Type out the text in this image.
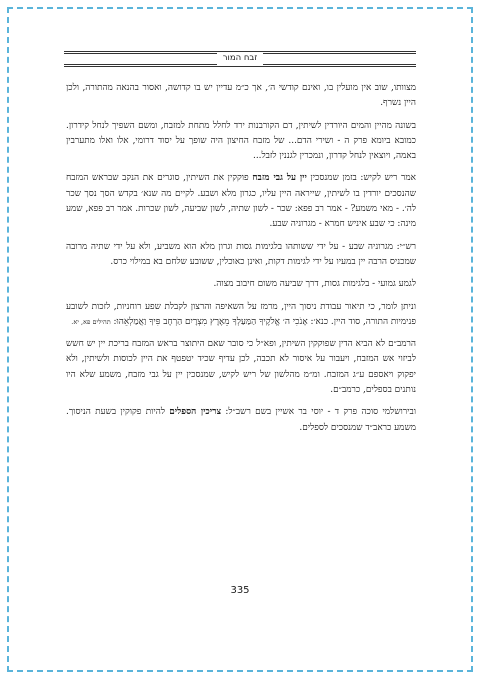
זבח המור

מצוותו, שוב אין מועלין בו, ואינם קודשי ה׳, אך כ״מ עדיין יש בו קדושה, ואסור בהנאה מהתורה, ולכן היין נשרף.

בשונה מהיין והמים היורדין לשיתין, דם הקורבנות ירד לחלל מתחת למזבח, ומשם השפיך לנחל קידרון. כמובא ביומא פרק ה - ושירי הדם... של מזבח החיצון היה שופך על יסוד דרומי, אלו ואלו מתערבין באמה, ויוצאין לנחל קדרון, ונמכרין לגננין לזבל...

אמר ריש לקיש: בזמן שמנסכין יין על גבי מזבח פוקקין את השיתין, סוגרים את הנקב שבראש המזבח שהנסכים יורדין בו לשיתין, שייראה היין עליו, כגרון מלא ושבע. לקיים מה שנא׳ בקדש הסך נסך שכר לה׳. - מאי משמע? - אמר רב פפא: שכר - לשון שתיה, לשון שביעה, לשון שכרות. אמר רב פפא, שמע מינה: כי שבע איניש חמרא - מגרוניה שבע.

רש״י: מגרוניה שבע - על ידי ששותהו בלגימות גסות וגרון מלא הוא משביע, ולא על ידי שתיה מרובה שמכניס הרבה יין במעיו על ידי לגימות דקות, ואינן כאוכלין, ששובע שלחם בא במילוי כרס.

לגמע גמועי - בלגימות גסות, דרך שביעה משום חיבוב מצוה.

וניתן לומר, כי תיאור עבודת ניסוך היין, מרמז על השאיפה והרצון לקבלת שפע רוחניות, לזכות לשובע פנימיות התורה, סוד היין. כנא׳: אָנֹכִי ה׳ אֱלֹקֶיךָ הַמַּעַלְךָ מֵאֶרֶץ מִצְרָיִם הַרְחֶב פִּיךָ וַאֲמַלְאֵהוּ: תהילים פא, יא.

הרמב״ם לא הביא הדין שפוקקין השיתין, ופא״ל כי סובר שאם היתוצר בראש המזבח בריכת יין יש חשש לביזוי אש המזבח, ויעבור על איסור לא תכבה, לכן עדיף שכיד יטפטף את היין לכוסות ולשיתין, ולא יפקוק ויאספם ע״ג המזבח. ומ״מ מהלשון של ריש לקיש, שמנסכין יין על גבי מזבח, משמע שלא היו נותנים בספלים, כרמב״ם.

ובירושלמי סוכה פרק ד - יוסי בר אשיין בשם רשב״ל: צריכין הספלים להיות פקוקין בשעת הניסוך. משמע כראב״ד שמנסכים לספלים.

335
